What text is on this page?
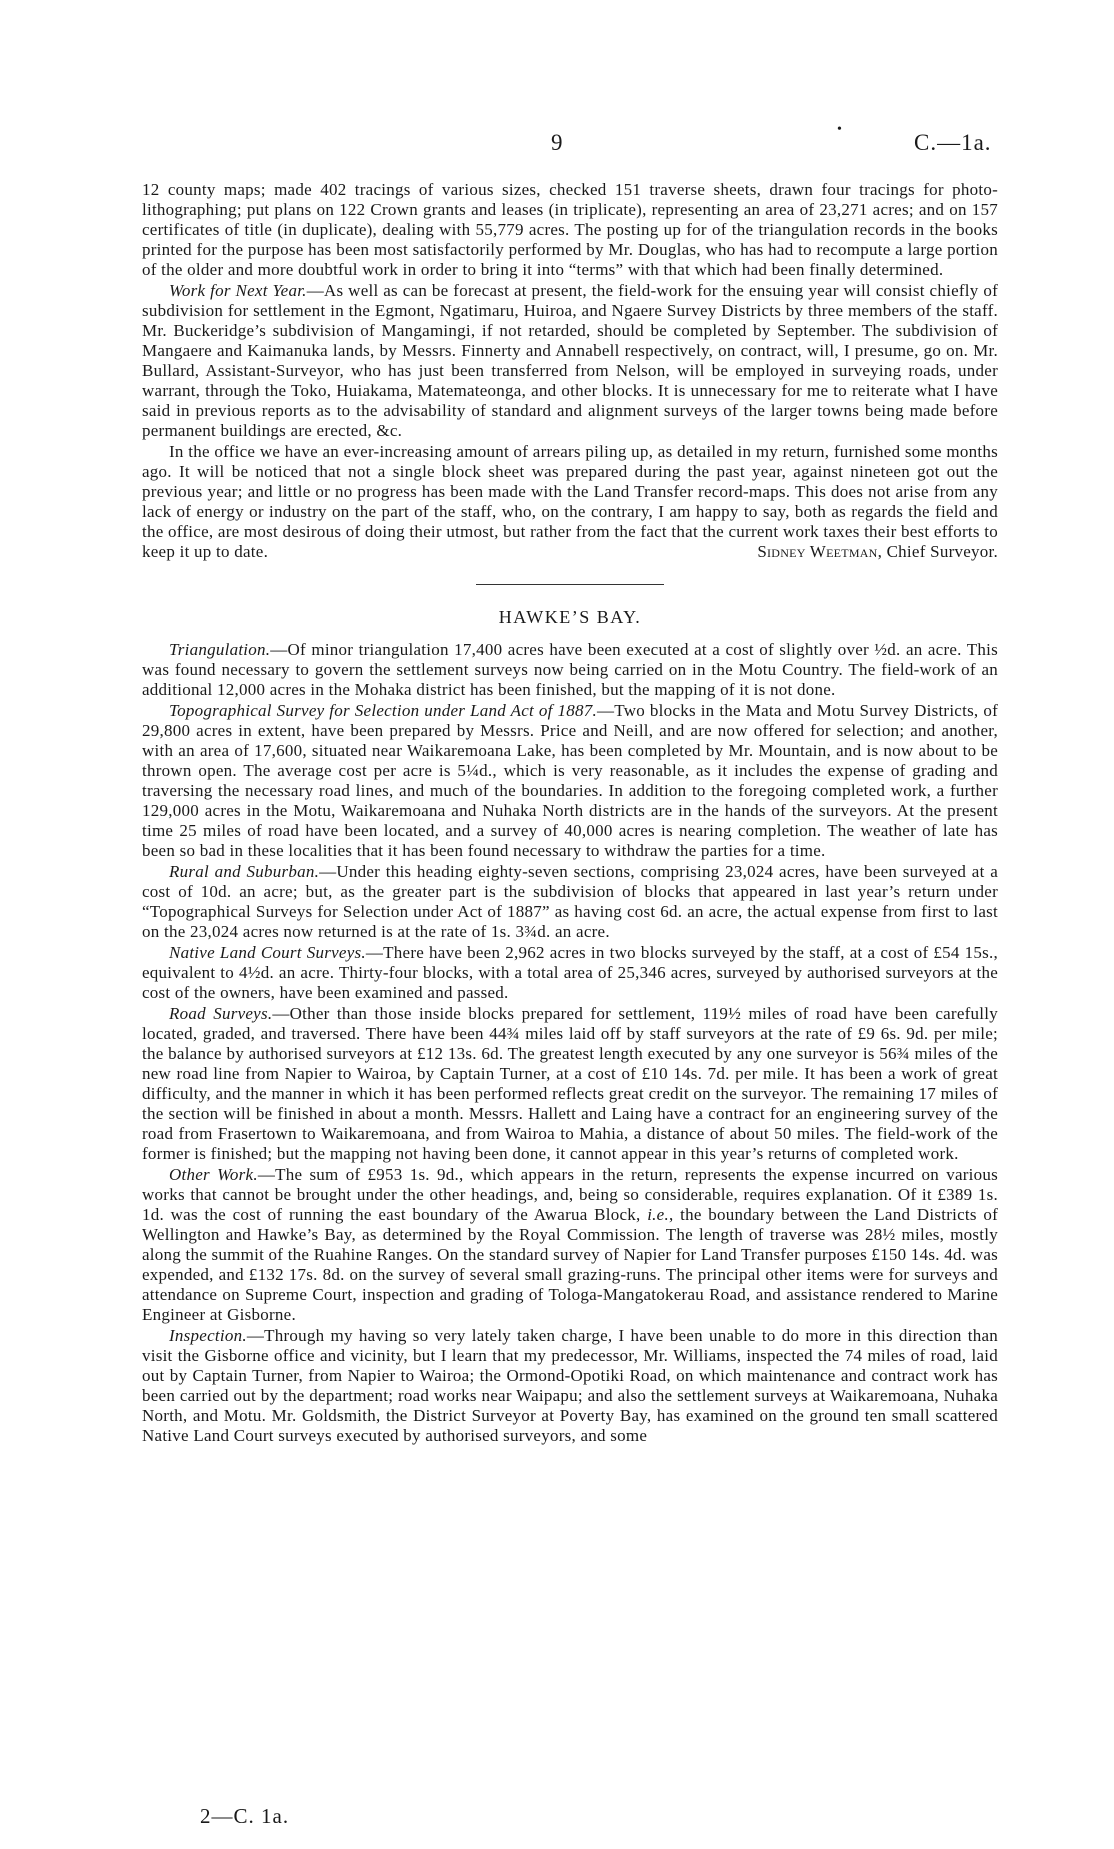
9
•
C.—1a.

12 county maps; made 402 tracings of various sizes, checked 151 traverse sheets, drawn four tracings for photo-lithographing; put plans on 122 Crown grants and leases (in triplicate), representing an area of 23,271 acres; and on 157 certificates of title (in duplicate), dealing with 55,779 acres. The posting up for of the triangulation records in the books printed for the purpose has been most satisfactorily performed by Mr. Douglas, who has had to recompute a large portion of the older and more doubtful work in order to bring it into “terms” with that which had been finally determined.

Work for Next Year.—As well as can be forecast at present, the field-work for the ensuing year will consist chiefly of subdivision for settlement in the Egmont, Ngatimaru, Huiroa, and Ngaere Survey Districts by three members of the staff. Mr. Buckeridge’s subdivision of Mangamingi, if not retarded, should be completed by September. The subdivision of Mangaere and Kaimanuka lands, by Messrs. Finnerty and Annabell respectively, on contract, will, I presume, go on. Mr. Bullard, Assistant-Surveyor, who has just been transferred from Nelson, will be employed in surveying roads, under warrant, through the Toko, Huiakama, Matemateonga, and other blocks. It is unnecessary for me to reiterate what I have said in previous reports as to the advisability of standard and alignment surveys of the larger towns being made before permanent buildings are erected, &c.

In the office we have an ever-increasing amount of arrears piling up, as detailed in my return, furnished some months ago. It will be noticed that not a single block sheet was prepared during the past year, against nineteen got out the previous year; and little or no progress has been made with the Land Transfer record-maps. This does not arise from any lack of energy or industry on the part of the staff, who, on the contrary, I am happy to say, both as regards the field and the office, are most desirous of doing their utmost, but rather from the fact that the current work taxes their best efforts to keep it up to date.	Sidney Weetman, Chief Surveyor.

HAWKE’S BAY.

Triangulation.—Of minor triangulation 17,400 acres have been executed at a cost of slightly over ½d. an acre. This was found necessary to govern the settlement surveys now being carried on in the Motu Country. The field-work of an additional 12,000 acres in the Mohaka district has been finished, but the mapping of it is not done.

Topographical Survey for Selection under Land Act of 1887.—Two blocks in the Mata and Motu Survey Districts, of 29,800 acres in extent, have been prepared by Messrs. Price and Neill, and are now offered for selection; and another, with an area of 17,600, situated near Waikaremoana Lake, has been completed by Mr. Mountain, and is now about to be thrown open. The average cost per acre is 5¼d., which is very reasonable, as it includes the expense of grading and traversing the necessary road lines, and much of the boundaries. In addition to the foregoing completed work, a further 129,000 acres in the Motu, Waikaremoana and Nuhaka North districts are in the hands of the surveyors. At the present time 25 miles of road have been located, and a survey of 40,000 acres is nearing completion. The weather of late has been so bad in these localities that it has been found necessary to withdraw the parties for a time.

Rural and Suburban.—Under this heading eighty-seven sections, comprising 23,024 acres, have been surveyed at a cost of 10d. an acre; but, as the greater part is the subdivision of blocks that appeared in last year’s return under “Topographical Surveys for Selection under Act of 1887” as having cost 6d. an acre, the actual expense from first to last on the 23,024 acres now returned is at the rate of 1s. 3¾d. an acre.

Native Land Court Surveys.—There have been 2,962 acres in two blocks surveyed by the staff, at a cost of £54 15s., equivalent to 4½d. an acre. Thirty-four blocks, with a total area of 25,346 acres, surveyed by authorised surveyors at the cost of the owners, have been examined and passed.

Road Surveys.—Other than those inside blocks prepared for settlement, 119½ miles of road have been carefully located, graded, and traversed. There have been 44¾ miles laid off by staff surveyors at the rate of £9 6s. 9d. per mile; the balance by authorised surveyors at £12 13s. 6d. The greatest length executed by any one surveyor is 56¾ miles of the new road line from Napier to Wairoa, by Captain Turner, at a cost of £10 14s. 7d. per mile. It has been a work of great difficulty, and the manner in which it has been performed reflects great credit on the surveyor. The remaining 17 miles of the section will be finished in about a month. Messrs. Hallett and Laing have a contract for an engineering survey of the road from Frasertown to Waikaremoana, and from Wairoa to Mahia, a distance of about 50 miles. The field-work of the former is finished; but the mapping not having been done, it cannot appear in this year’s returns of completed work.

Other Work.—The sum of £953 1s. 9d., which appears in the return, represents the expense incurred on various works that cannot be brought under the other headings, and, being so considerable, requires explanation. Of it £389 1s. 1d. was the cost of running the east boundary of the Awarua Block, i.e., the boundary between the Land Districts of Wellington and Hawke’s Bay, as determined by the Royal Commission. The length of traverse was 28½ miles, mostly along the summit of the Ruahine Ranges. On the standard survey of Napier for Land Transfer purposes £150 14s. 4d. was expended, and £132 17s. 8d. on the survey of several small grazing-runs. The principal other items were for surveys and attendance on Supreme Court, inspection and grading of Tologa-Mangatokerau Road, and assistance rendered to Marine Engineer at Gisborne.

Inspection.—Through my having so very lately taken charge, I have been unable to do more in this direction than visit the Gisborne office and vicinity, but I learn that my predecessor, Mr. Williams, inspected the 74 miles of road, laid out by Captain Turner, from Napier to Wairoa; the Ormond-Opotiki Road, on which maintenance and contract work has been carried out by the department; road works near Waipapu; and also the settlement surveys at Waikaremoana, Nuhaka North, and Motu. Mr. Goldsmith, the District Surveyor at Poverty Bay, has examined on the ground ten small scattered Native Land Court surveys executed by authorised surveyors, and some

2—C. 1a.
